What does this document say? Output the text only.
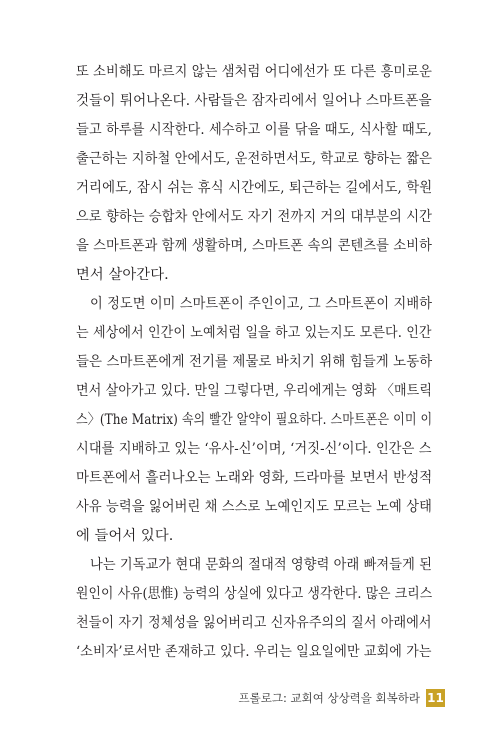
또 소비해도 마르지 않는 샘처럼 어디에선가 또 다른 흥미로운
것들이 튀어나온다. 사람들은 잠자리에서 일어나 스마트폰을
들고 하루를 시작한다. 세수하고 이를 닦을 때도, 식사할 때도,
출근하는 지하철 안에서도, 운전하면서도, 학교로 향하는 짧은
거리에도, 잠시 쉬는 휴식 시간에도, 퇴근하는 길에서도, 학원
으로 향하는 승합차 안에서도 자기 전까지 거의 대부분의 시간
을 스마트폰과 함께 생활하며, 스마트폰 속의 콘텐츠를 소비하
면서 살아간다.
이 정도면 이미 스마트폰이 주인이고, 그 스마트폰이 지배하
는 세상에서 인간이 노예처럼 일을 하고 있는지도 모른다. 인간
들은 스마트폰에게 전기를 제물로 바치기 위해 힘들게 노동하
면서 살아가고 있다. 만일 그렇다면, 우리에게는 영화 〈매트릭
스〉(The Matrix) 속의 빨간 알약이 필요하다. 스마트폰은 이미 이
시대를 지배하고 있는 ‘유사-신’이며, ‘거짓-신’이다. 인간은 스
마트폰에서 흘러나오는 노래와 영화, 드라마를 보면서 반성적
사유 능력을 잃어버린 채 스스로 노예인지도 모르는 노예 상태
에 들어서 있다.
나는 기독교가 현대 문화의 절대적 영향력 아래 빠져들게 된
원인이 사유(思惟) 능력의 상실에 있다고 생각한다. 많은 크리스
천들이 자기 정체성을 잃어버리고 신자유주의의 질서 아래에서
‘소비자’로서만 존재하고 있다. 우리는 일요일에만 교회에 가는
프롤로그: 교회여 상상력을 회복하라 11
